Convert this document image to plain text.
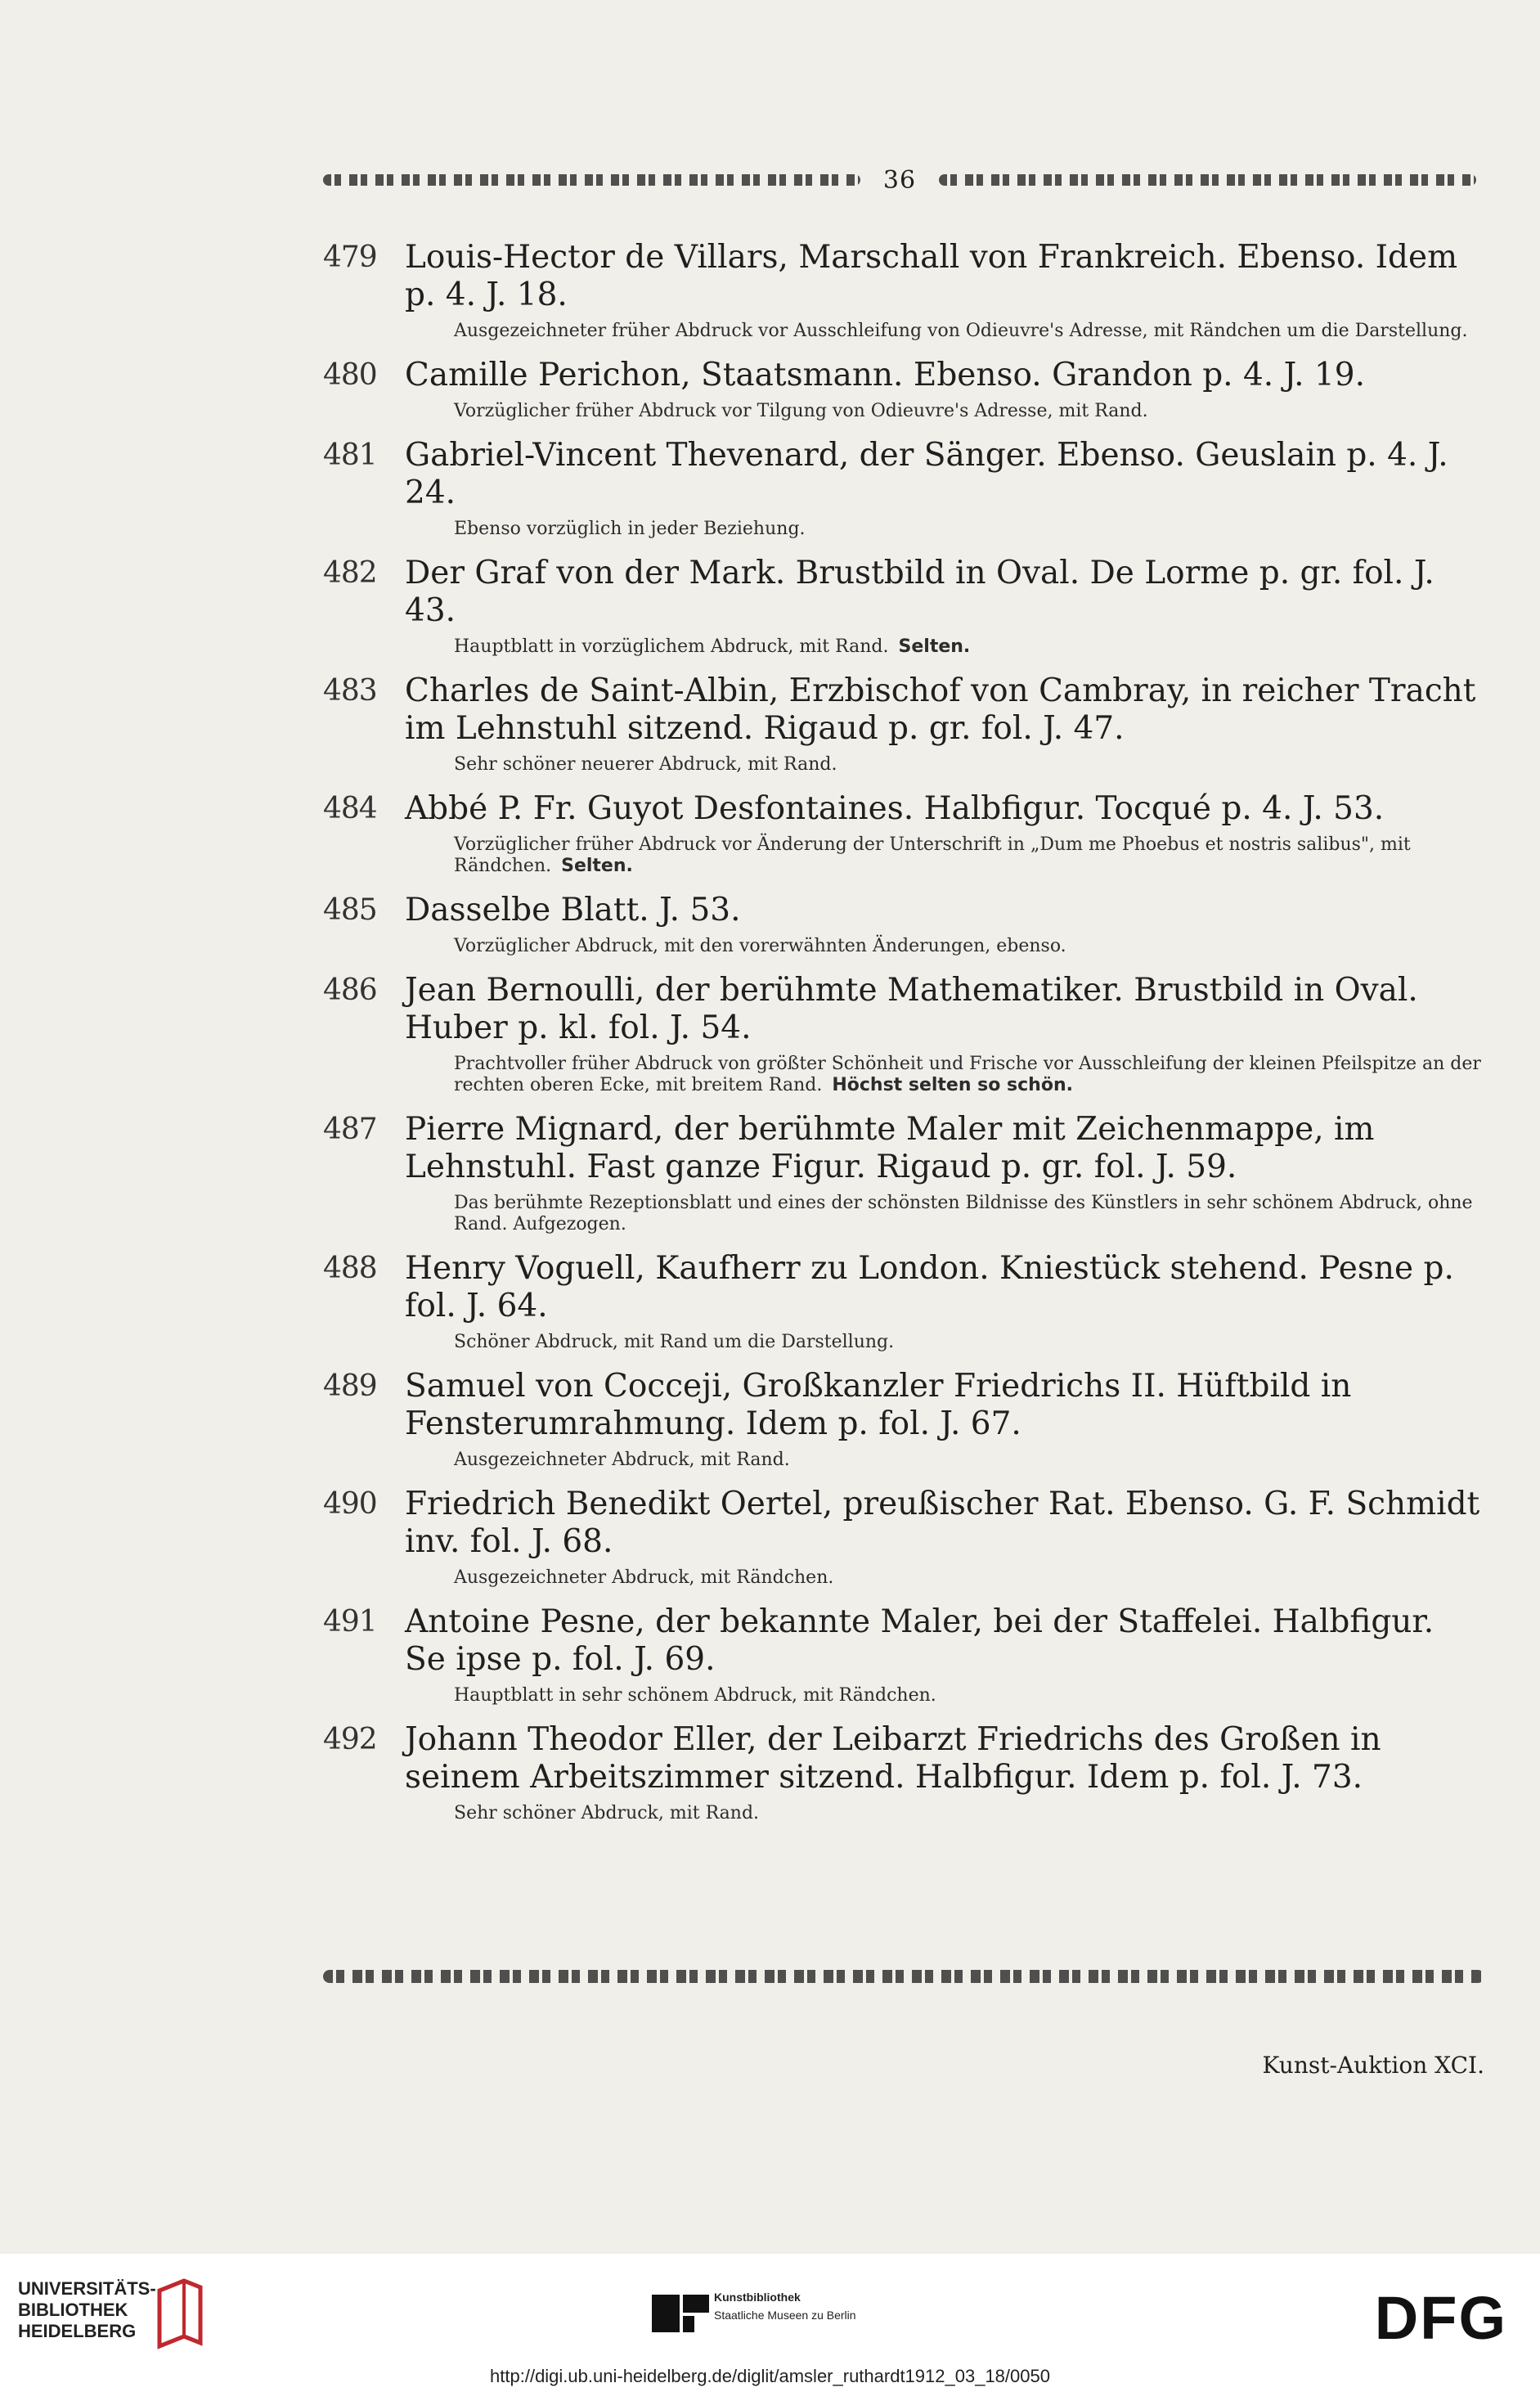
36
479 Louis-Hector de Villars, Marschall von Frankreich. Ebenso. Idem p. 4. J. 18.

Ausgezeichneter früher Abdruck vor Ausschleifung von Odieuvre's Adresse, mit Rändchen um die Darstellung.
480 Camille Perichon, Staatsmann. Ebenso. Grandon p. 4. J. 19.

Vorzüglicher früher Abdruck vor Tilgung von Odieuvre's Adresse, mit Rand.
481 Gabriel-Vincent Thevenard, der Sänger. Ebenso. Geuslain p. 4. J. 24.

Ebenso vorzüglich in jeder Beziehung.
482 Der Graf von der Mark. Brustbild in Oval. De Lorme p. gr. fol. J. 43.

Hauptblatt in vorzüglichem Abdruck, mit Rand. Selten.
483 Charles de Saint-Albin, Erzbischof von Cambray, in reicher Tracht im Lehnstuhl sitzend. Rigaud p. gr. fol. J. 47.

Sehr schöner neuerer Abdruck, mit Rand.
484 Abbé P. Fr. Guyot Desfontaines. Halbfigur. Tocqué p. 4. J. 53.

Vorzüglicher früher Abdruck vor Änderung der Unterschrift in „Dum me Phoebus et nostris salibus", mit Rändchen. Selten.
485 Dasselbe Blatt. J. 53.

Vorzüglicher Abdruck, mit den vorerwähnten Änderungen, ebenso.
486 Jean Bernoulli, der berühmte Mathematiker. Brustbild in Oval. Huber p. kl. fol. J. 54.

Prachtvoller früher Abdruck von größter Schönheit und Frische vor Ausschleifung der kleinen Pfeilspitze an der rechten oberen Ecke, mit breitem Rand. Höchst selten so schön.
487 Pierre Mignard, der berühmte Maler mit Zeichenmappe, im Lehnstuhl. Fast ganze Figur. Rigaud p. gr. fol. J. 59.

Das berühmte Rezeptionsblatt und eines der schönsten Bildnisse des Künstlers in sehr schönem Abdruck, ohne Rand. Aufgezogen.
488 Henry Voguell, Kaufherr zu London. Kniestück stehend. Pesne p. fol. J. 64.

Schöner Abdruck, mit Rand um die Darstellung.
489 Samuel von Cocceji, Großkanzler Friedrichs II. Hüftbild in Fensterumrahmung. Idem p. fol. J. 67.

Ausgezeichneter Abdruck, mit Rand.
490 Friedrich Benedikt Oertel, preußischer Rat. Ebenso. G. F. Schmidt inv. fol. J. 68.

Ausgezeichneter Abdruck, mit Rändchen.
491 Antoine Pesne, der bekannte Maler, bei der Staffelei. Halbfigur. Se ipse p. fol. J. 69.

Hauptblatt in sehr schönem Abdruck, mit Rändchen.
492 Johann Theodor Eller, der Leibarzt Friedrichs des Großen in seinem Arbeitszimmer sitzend. Halbfigur. Idem p. fol. J. 73.

Sehr schöner Abdruck, mit Rand.
Kunst-Auktion XCI.
UNIVERSITÄTS-
BIBLIOTHEK
HEIDELBERG
Kunstbibliothek
Staatliche Museen zu Berlin	DFG
http://digi.ub.uni-heidelberg.de/diglit/amsler_ruthardt1912_03_18/0050
